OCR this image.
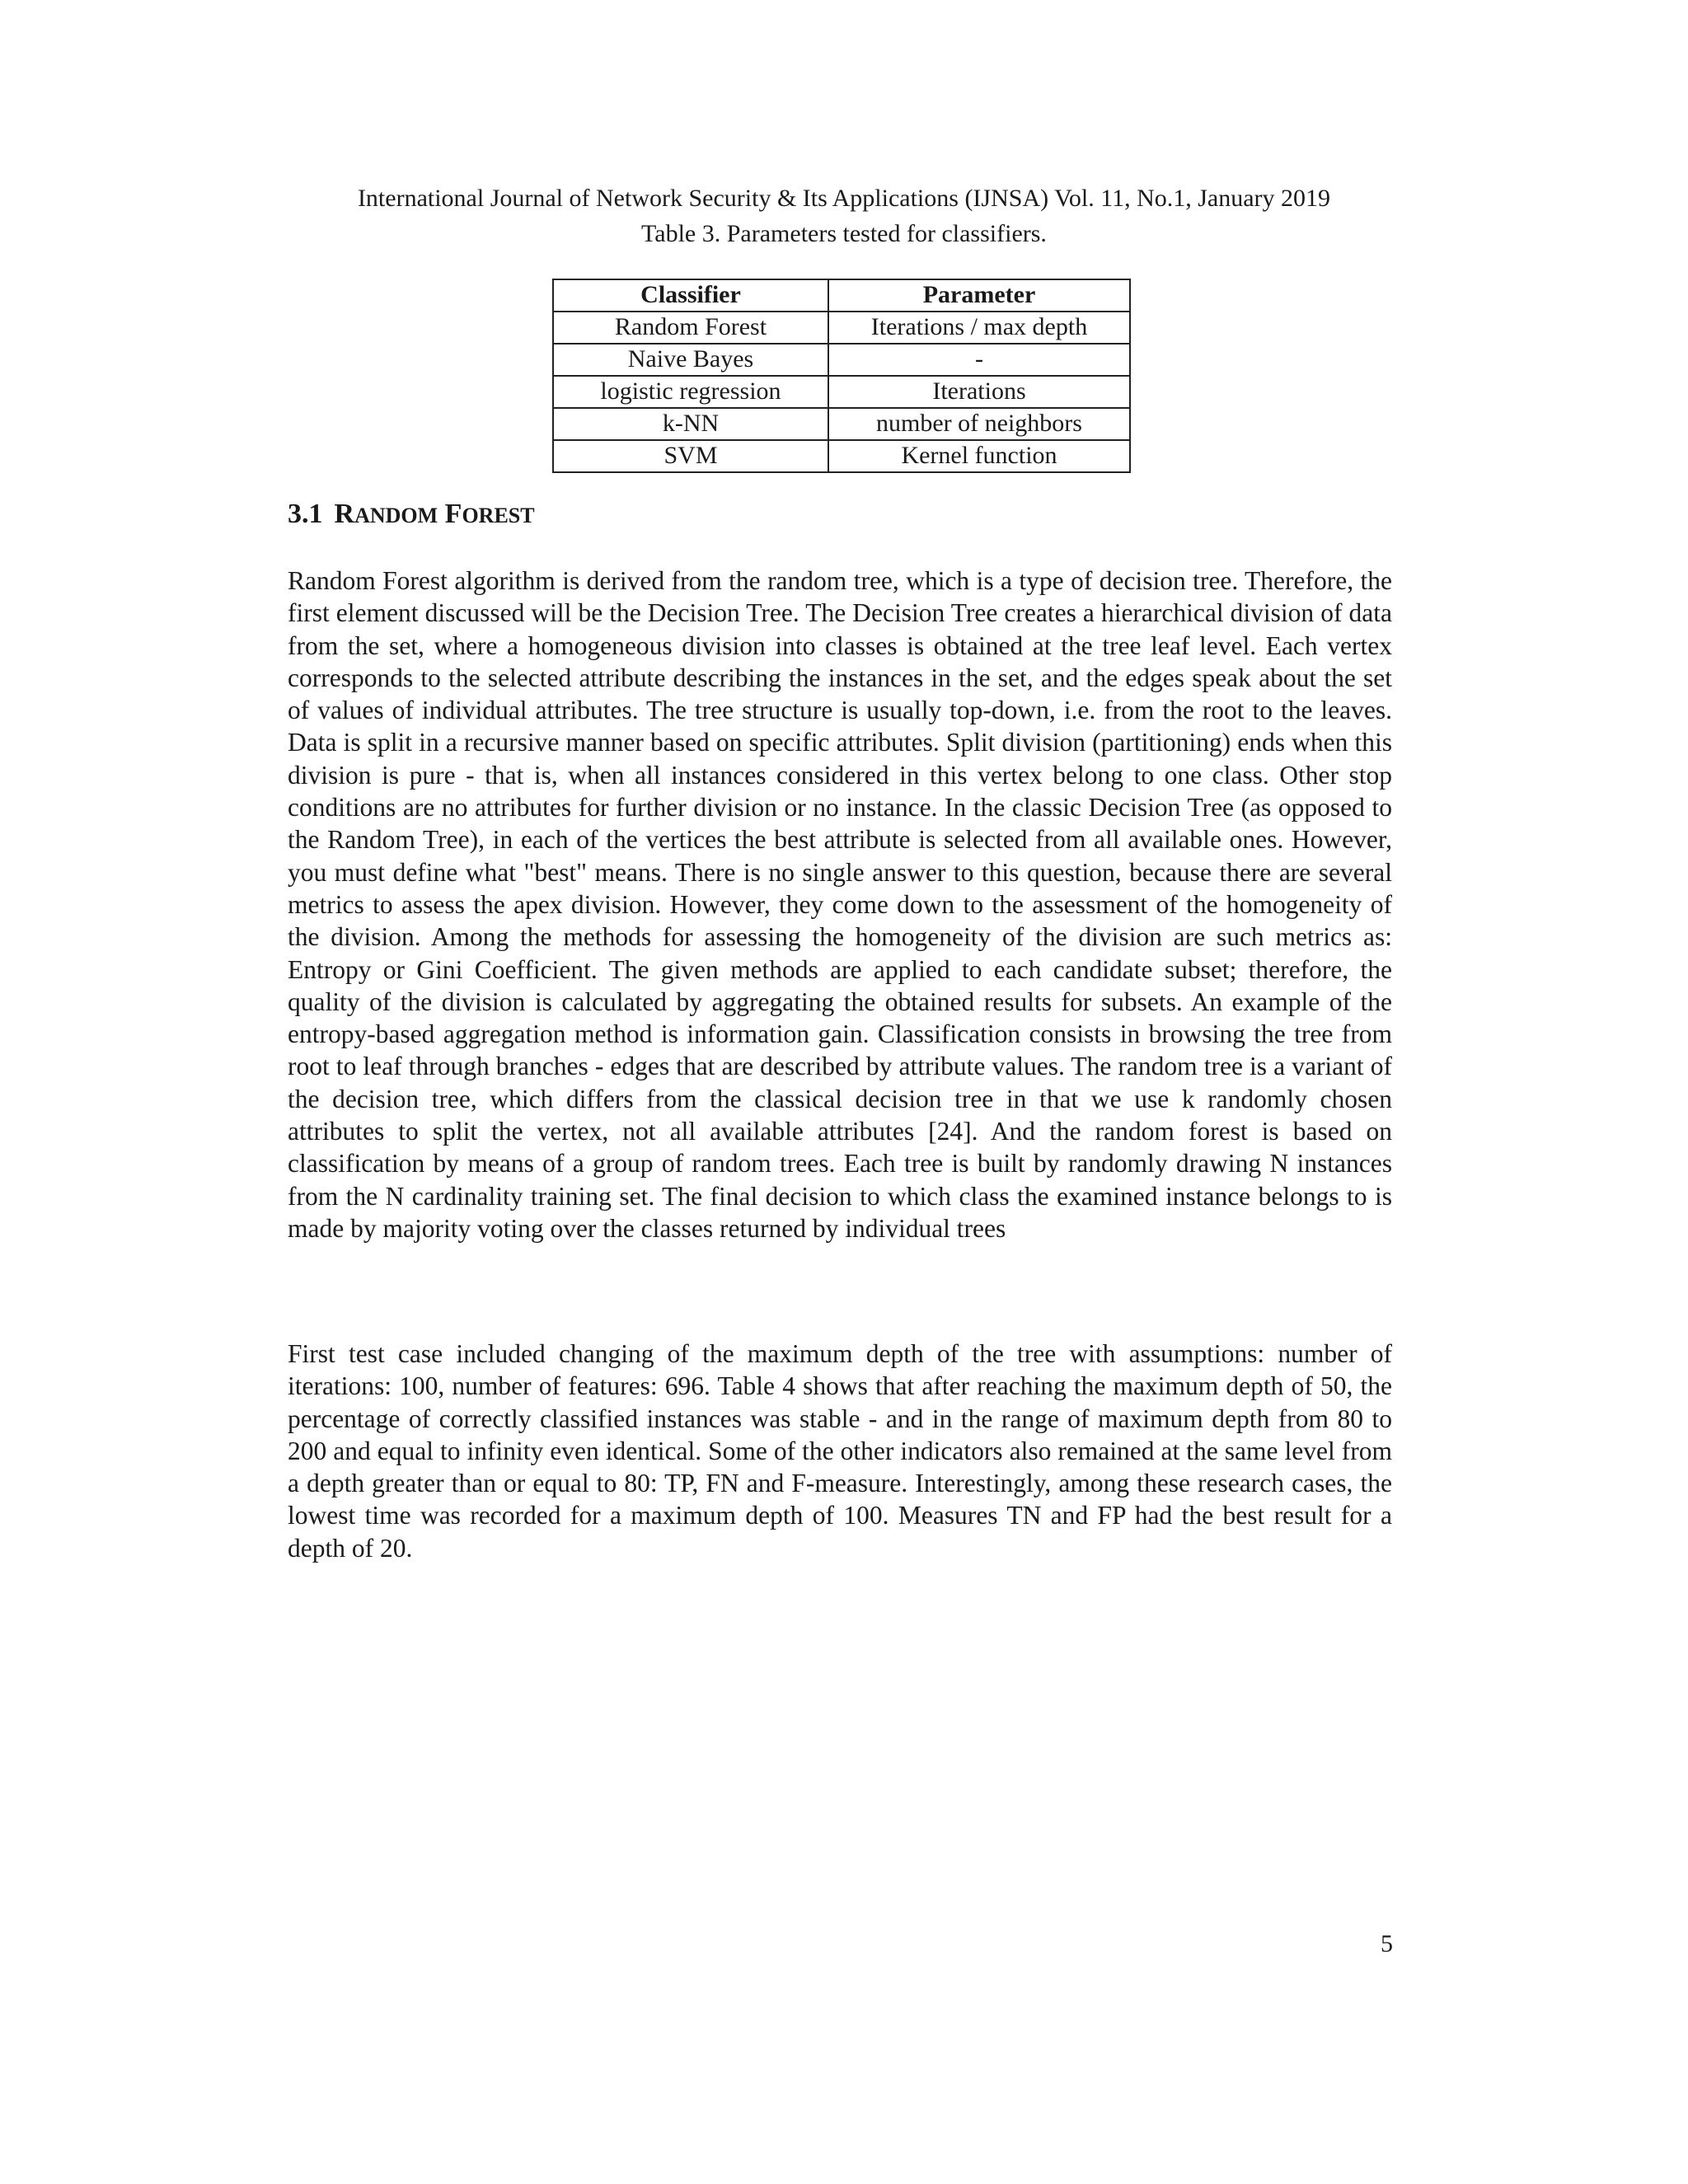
International Journal of Network Security & Its Applications (IJNSA) Vol. 11, No.1, January 2019
Table 3. Parameters tested for classifiers.
Classifier	Parameter
Random Forest	Iterations / max depth
Naive Bayes	-
logistic regression	Iterations
k-NN	number of neighbors
SVM	Kernel function
3.1 RANDOM FOREST

Random Forest algorithm is derived from the random tree, which is a type of decision tree. Therefore, the first element discussed will be the Decision Tree. The Decision Tree creates a hierarchical division of data from the set, where a homogeneous division into classes is obtained at the tree leaf level. Each vertex corresponds to the selected attribute describing the instances in the set, and the edges speak about the set of values of individual attributes. The tree structure is usually top-down, i.e. from the root to the leaves. Data is split in a recursive manner based on specific attributes. Split division (partitioning) ends when this division is pure - that is, when all instances considered in this vertex belong to one class. Other stop conditions are no attributes for further division or no instance. In the classic Decision Tree (as opposed to the Random Tree), in each of the vertices the best attribute is selected from all available ones. However, you must define what "best" means. There is no single answer to this question, because there are several metrics to assess the apex division. However, they come down to the assessment of the homogeneity of the division. Among the methods for assessing the homogeneity of the division are such metrics as: Entropy or Gini Coefficient. The given methods are applied to each candidate subset; therefore, the quality of the division is calculated by aggregating the obtained results for subsets. An example of the entropy-based aggregation method is information gain. Classification consists in browsing the tree from root to leaf through branches - edges that are described by attribute values. The random tree is a variant of the decision tree, which differs from the classical decision tree in that we use k randomly chosen attributes to split the vertex, not all available attributes [24]. And the random forest is based on classification by means of a group of random trees. Each tree is built by randomly drawing N instances from the N cardinality training set. The final decision to which class the examined instance belongs to is made by majority voting over the classes returned by individual trees

First test case included changing of the maximum depth of the tree with assumptions: number of iterations: 100, number of features: 696. Table 4 shows that after reaching the maximum depth of 50, the percentage of correctly classified instances was stable - and in the range of maximum depth from 80 to 200 and equal to infinity even identical. Some of the other indicators also remained at the same level from a depth greater than or equal to 80: TP, FN and F-measure. Interestingly, among these research cases, the lowest time was recorded for a maximum depth of 100. Measures TN and FP had the best result for a depth of 20.

5
